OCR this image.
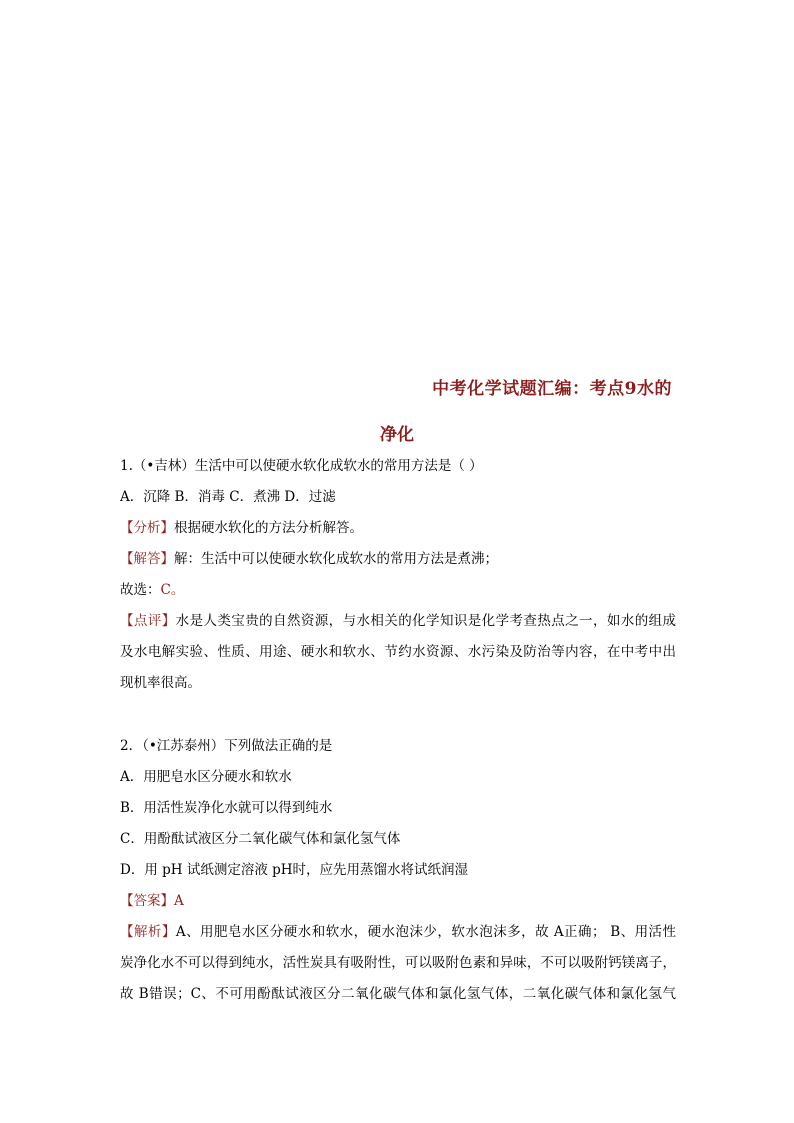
中考化学试题汇编：考点9水的
净化
1.（•吉林）生活中可以使硬水软化成软水的常用方法是（ ）
A．沉降 B．消毒 C．煮沸 D．过滤
【分析】根据硬水软化的方法分析解答。
【解答】解：生活中可以使硬水软化成软水的常用方法是煮沸；
故选：C。
【点评】水是人类宝贵的自然资源，与水相关的化学知识是化学考查热点之一，如水的组成
及水电解实验、性质、用途、硬水和软水、节约水资源、水污染及防治等内容，在中考中出
现机率很高。
2．（•江苏泰州）下列做法正确的是
A．用肥皂水区分硬水和软水
B．用活性炭净化水就可以得到纯水
C．用酚酞试液区分二氧化碳气体和氯化氢气体
D．用 pH 试纸测定溶液 pH时，应先用蒸馏水将试纸润湿
【答案】A
【解析】A、用肥皂水区分硬水和软水，硬水泡沫少，软水泡沫多，故 A正确； B、用活性
炭净化水不可以得到纯水，活性炭具有吸附性，可以吸附色素和异味，不可以吸附钙镁离子，
故 B错误；C、不可用酚酞试液区分二氧化碳气体和氯化氢气体，二氧化碳气体和氯化氢气
